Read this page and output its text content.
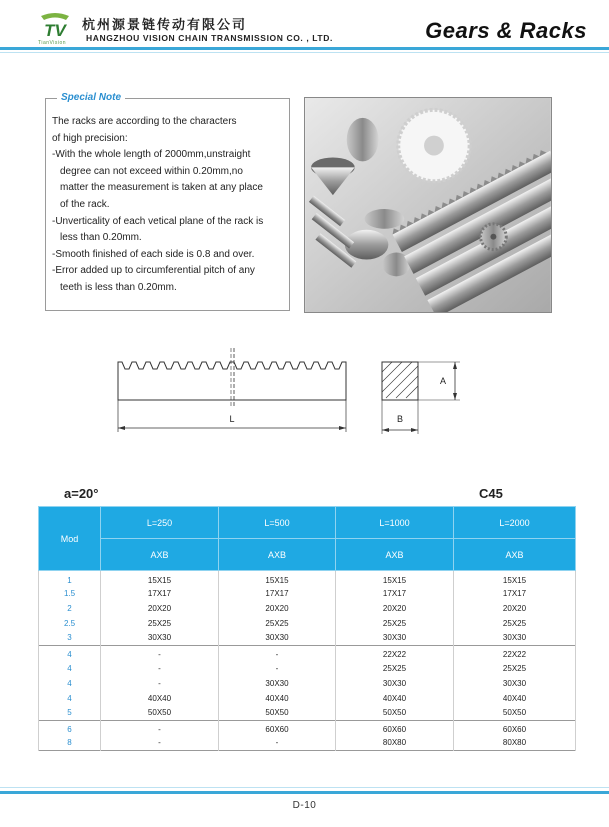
TV
TianVision
杭州源景链传动有限公司
HANGZHOU VISION CHAIN TRANSMISSION CO. , LTD.	Gears & Racks
Special Note

The racks are according to the characters

of high precision:

-With the whole length of 2000mm,unstraight

degree can not exceed within 0.20mm,no

matter the measurement is taken at any place

of the rack.

-Unverticality of each vetical plane of the rack is

less than 0.20mm.

-Smooth finished of each side is 0.8 and over.

-Error added up to circumferential pitch of any

teeth is less than 0.20mm.

L
A
B
a=20°	C45
Mod	L=250	L=500	L=1000	L=2000
	AXB	AXB	AXB	AXB
1	15X15	15X15	15X15	15X15
1.5	17X17	17X17	17X17	17X17
2	20X20	20X20	20X20	20X20
2.5	25X25	25X25	25X25	25X25
3	30X30	30X30	30X30	30X30
4	-	-	22X22	22X22
4	-	-	25X25	25X25
4	-	30X30	30X30	30X30
4	40X40	40X40	40X40	40X40
5	50X50	50X50	50X50	50X50
6	-	60X60	60X60	60X60
8	-	-	80X80	80X80
D-10
